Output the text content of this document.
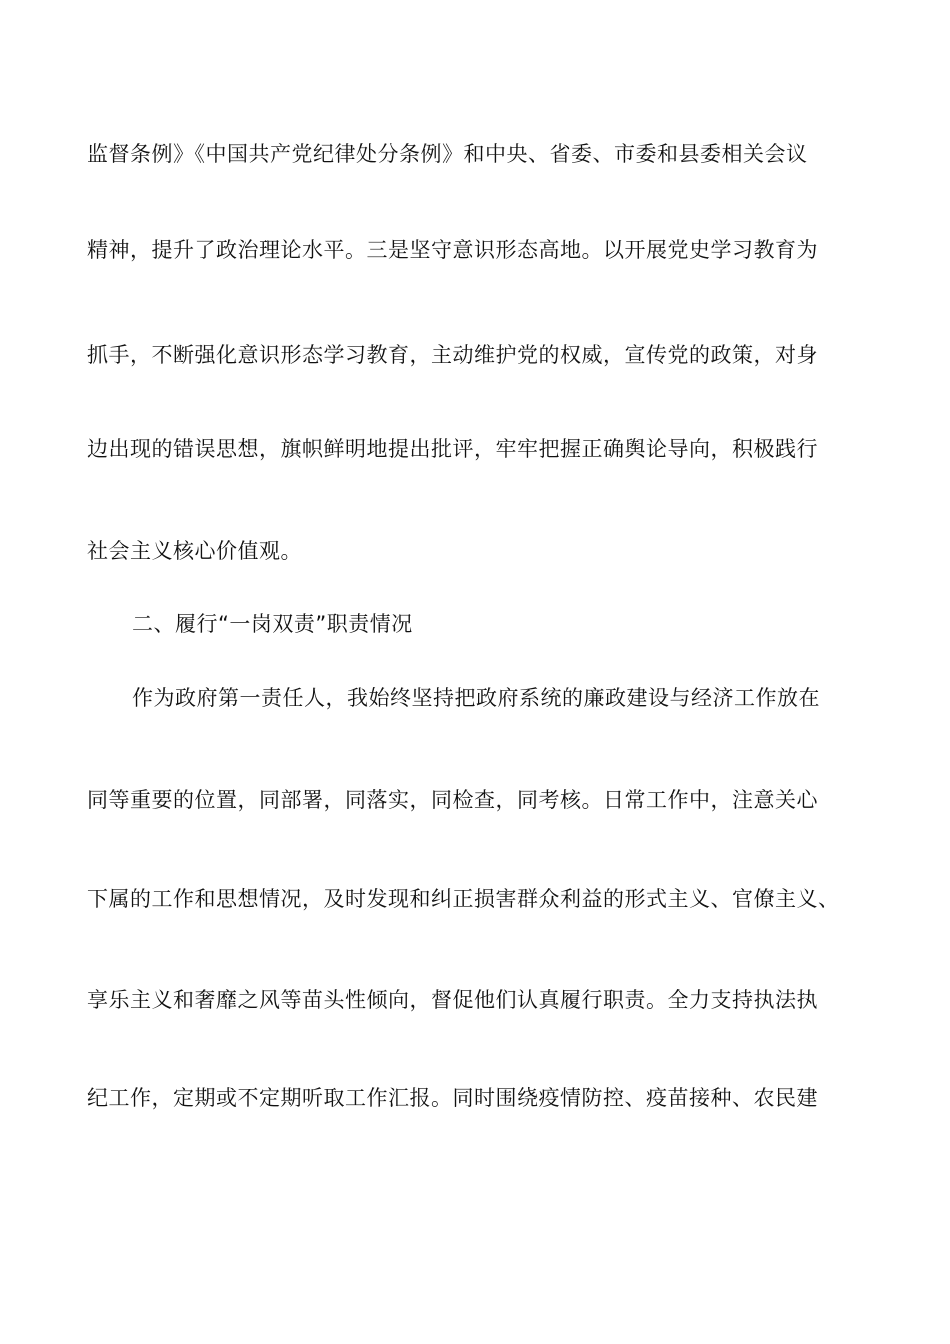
监督条例》《中国共产党纪律处分条例》和中央、省委、市委和县委相关会议
精神，提升了政治理论水平。三是坚守意识形态高地。以开展党史学习教育为
抓手，不断强化意识形态学习教育，主动维护党的权威，宣传党的政策，对身
边出现的错误思想，旗帜鲜明地提出批评，牢牢把握正确舆论导向，积极践行
社会主义核心价值观。
二、履行“一岗双责”职责情况
作为政府第一责任人，我始终坚持把政府系统的廉政建设与经济工作放在
同等重要的位置，同部署，同落实，同检查，同考核。日常工作中，注意关心
下属的工作和思想情况，及时发现和纠正损害群众利益的形式主义、官僚主义、
享乐主义和奢靡之风等苗头性倾向，督促他们认真履行职责。全力支持执法执
纪工作，定期或不定期听取工作汇报。同时围绕疫情防控、疫苗接种、农民建
